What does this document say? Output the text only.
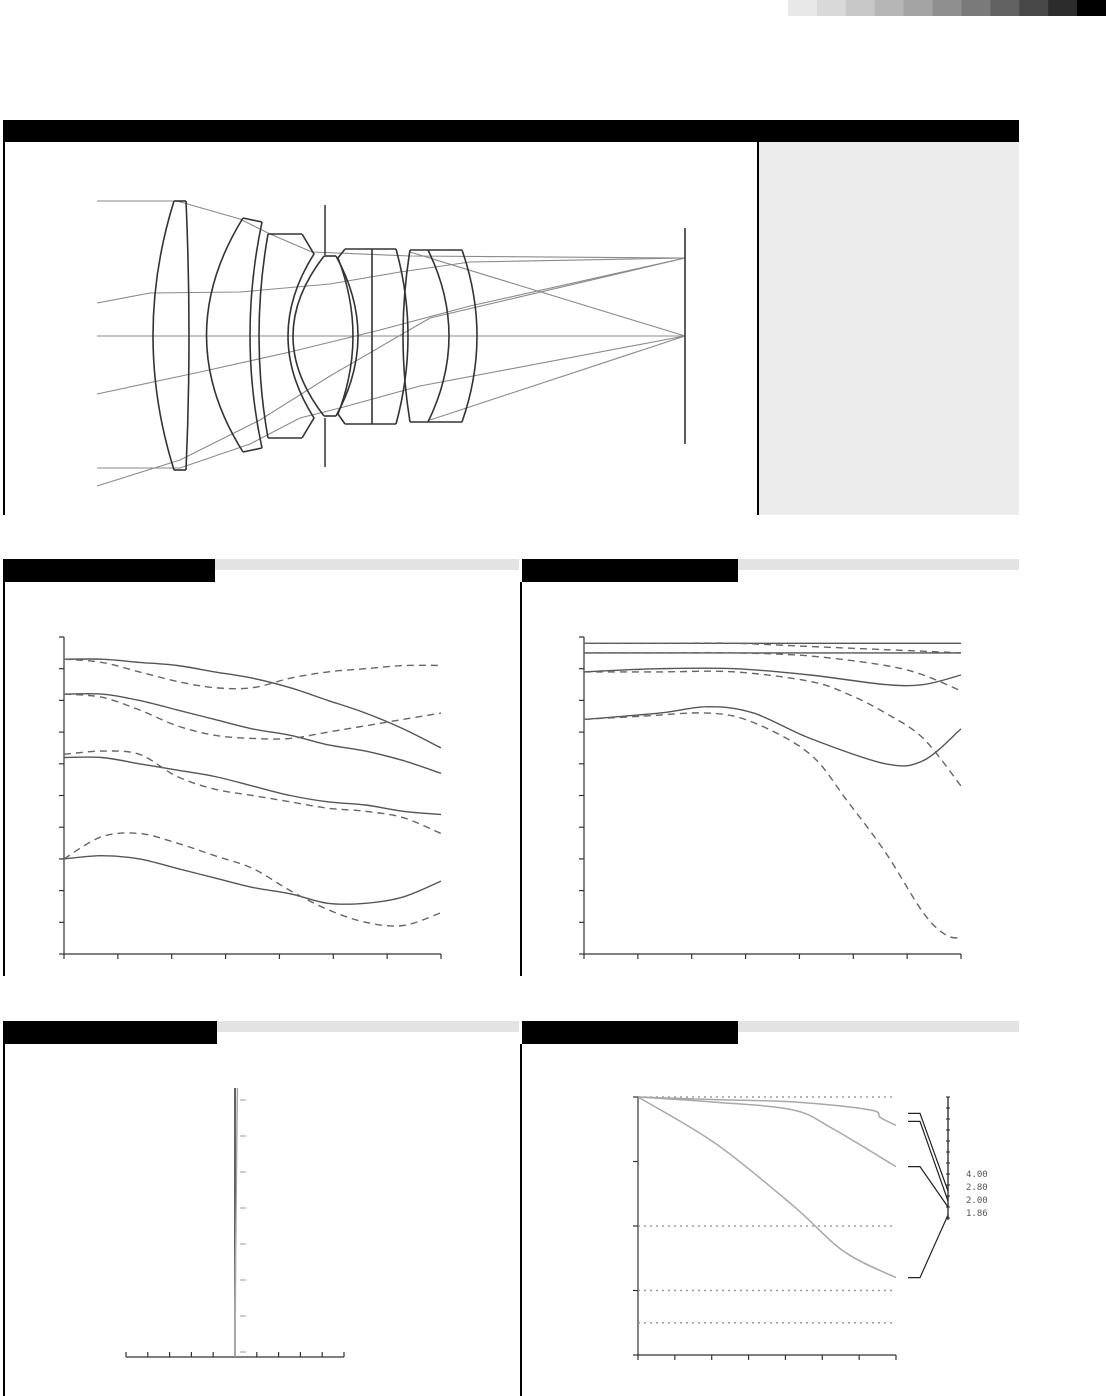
4.00
2.80
2.00
1.86
